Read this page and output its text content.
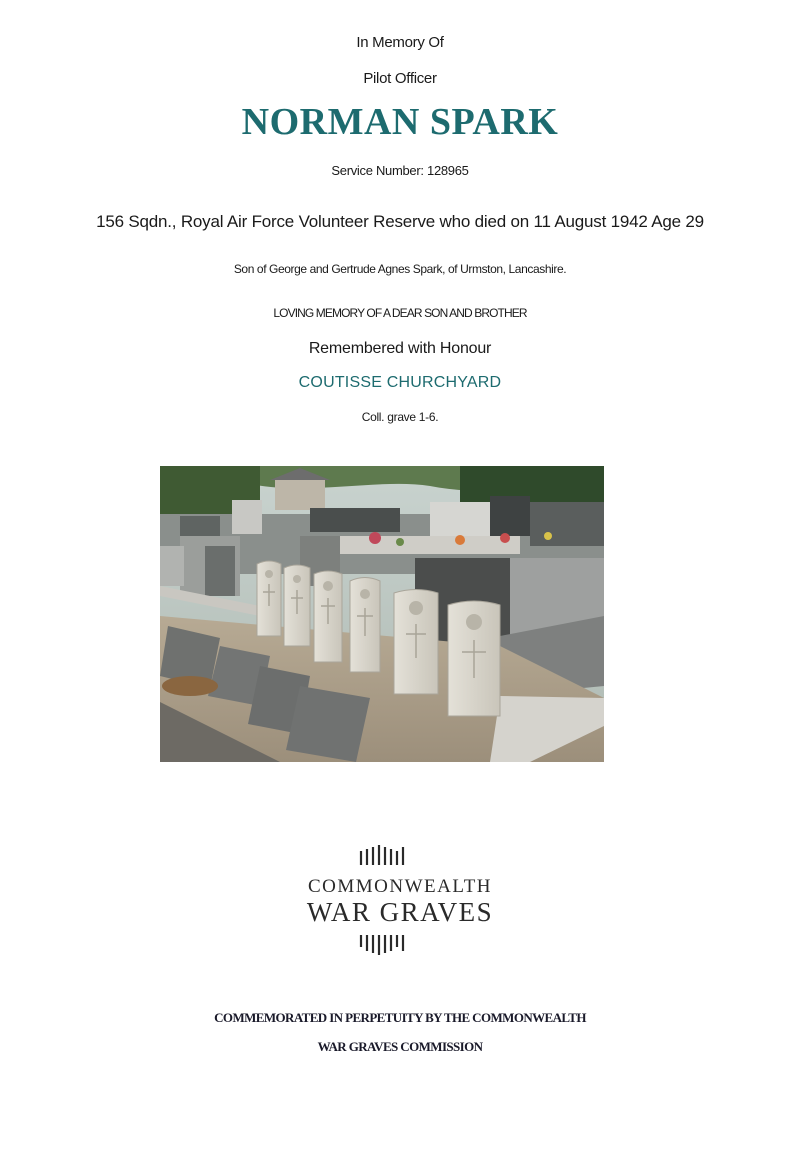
In Memory Of
Pilot Officer
NORMAN SPARK
Service Number: 128965
156 Sqdn., Royal Air Force Volunteer Reserve who died on 11 August 1942 Age 29
Son of George and Gertrude Agnes Spark, of Urmston, Lancashire.
LOVING MEMORY OF A DEAR SON AND BROTHER
Remembered with Honour
COUTISSE CHURCHYARD
Coll. grave 1-6.
COMMONWEALTH
WAR GRAVES
COMMEMORATED IN PERPETUITY BY THE COMMONWEALTH
WAR GRAVES COMMISSION
